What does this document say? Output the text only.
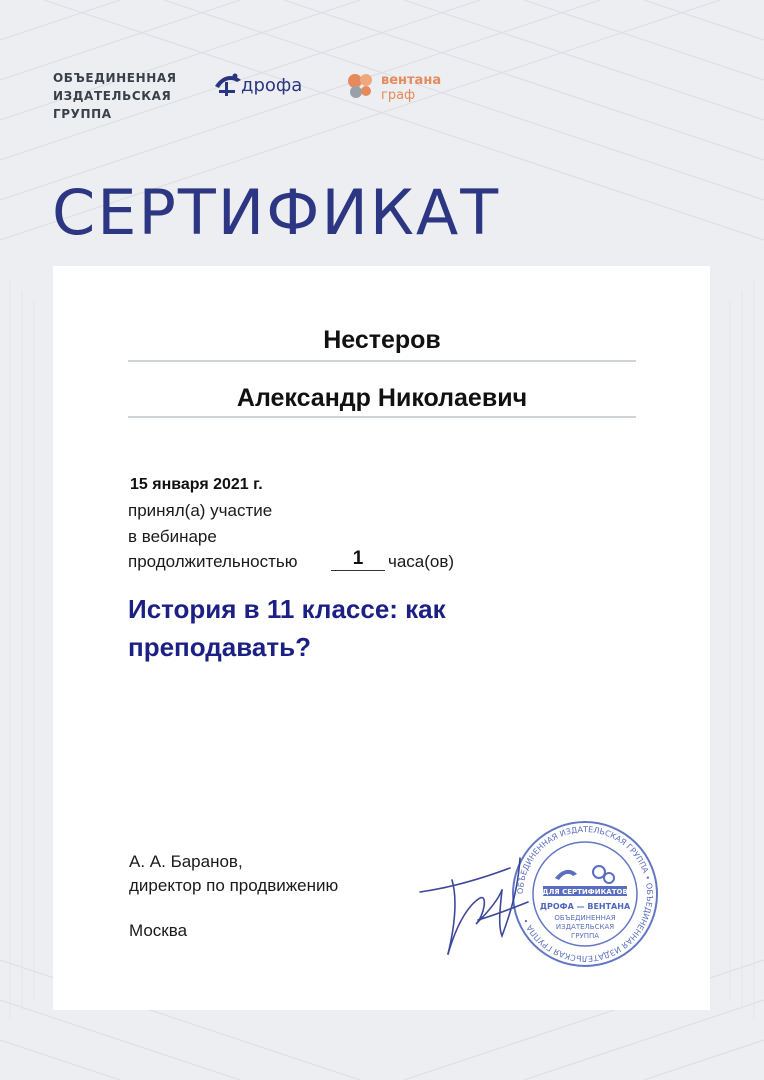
ОБЪЕДИНЕННАЯ
ИЗДАТЕЛЬСКАЯ
ГРУППА
дрофа	вентана
граф
СЕРТИФИКАТ
Нестеров
Александр Николаевич
15 января 2021 г.
принял(а) участие
в вебинаре
продолжительностью	1	часа(ов)
История в 11 классе: как преподавать?
А. А. Баранов,
директор по продвижению
Москва
ОБЪЕДИНЕННАЯ ИЗДАТЕЛЬСКАЯ ГРУППА • ОБЪЕДИНЕННАЯ ИЗДАТЕЛЬСКАЯ ГРУППА •
ДЛЯ СЕРТИФИКАТОВ
ДРОФА — ВЕНТАНА
ОБЪЕДИНЕННАЯ
ИЗДАТЕЛЬСКАЯ
ГРУППА
